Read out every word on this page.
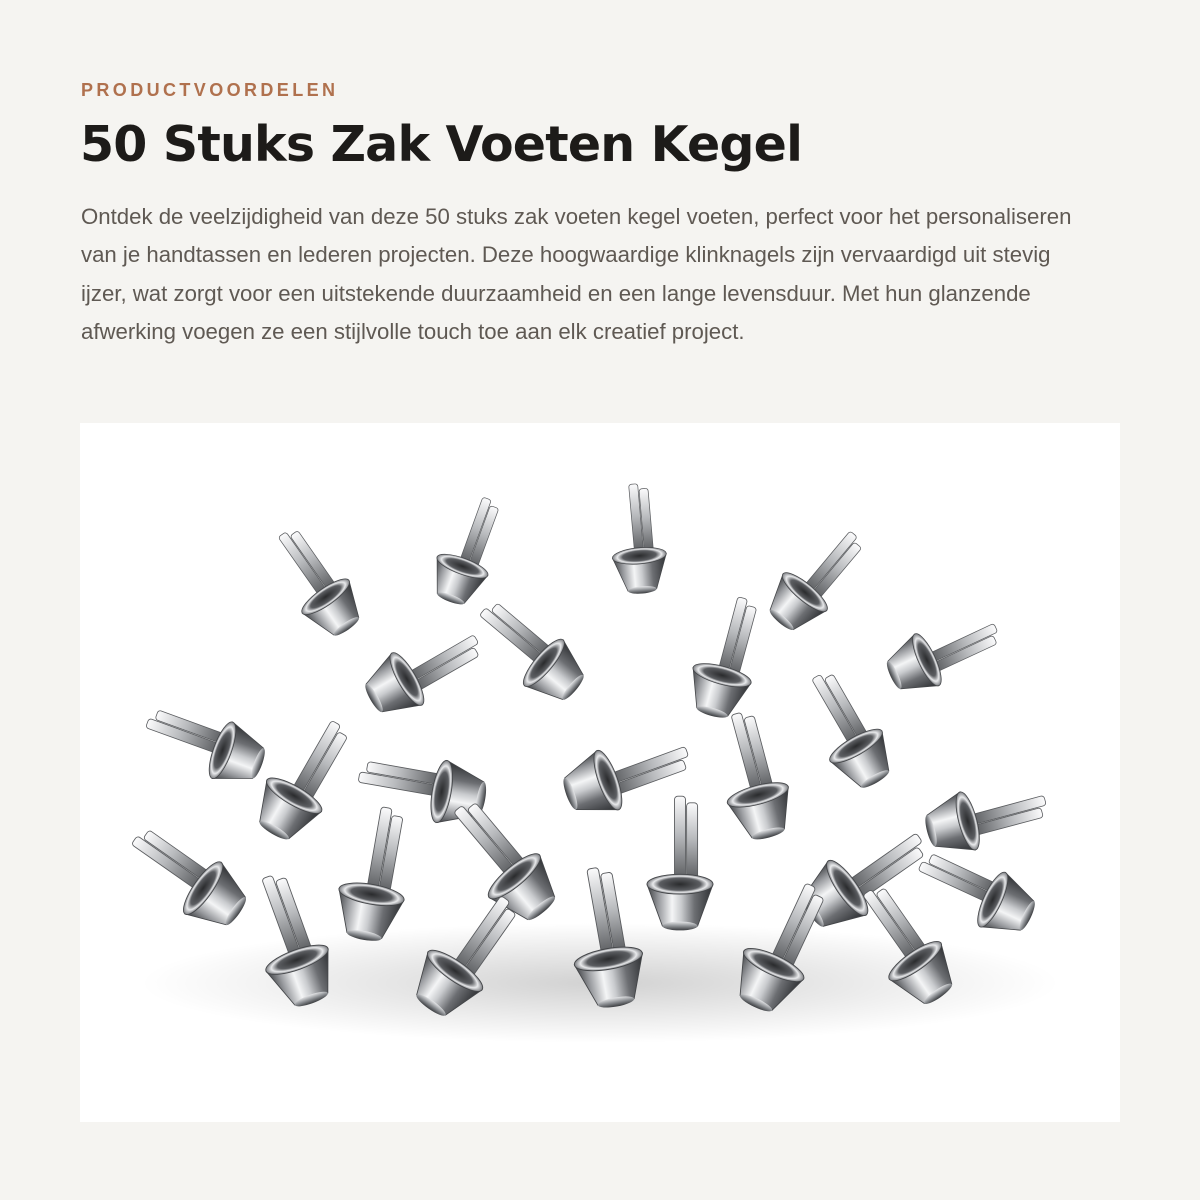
PRODUCTVOORDELEN

50 Stuks Zak Voeten Kegel

Ontdek de veelzijdigheid van deze 50 stuks zak voeten kegel voeten, perfect voor het personaliseren van je handtassen en lederen projecten. Deze hoogwaardige klinknagels zijn vervaardigd uit stevig ijzer, wat zorgt voor een uitstekende duurzaamheid en een lange levensduur. Met hun glanzende afwerking voegen ze een stijlvolle touch toe aan elk creatief project.
